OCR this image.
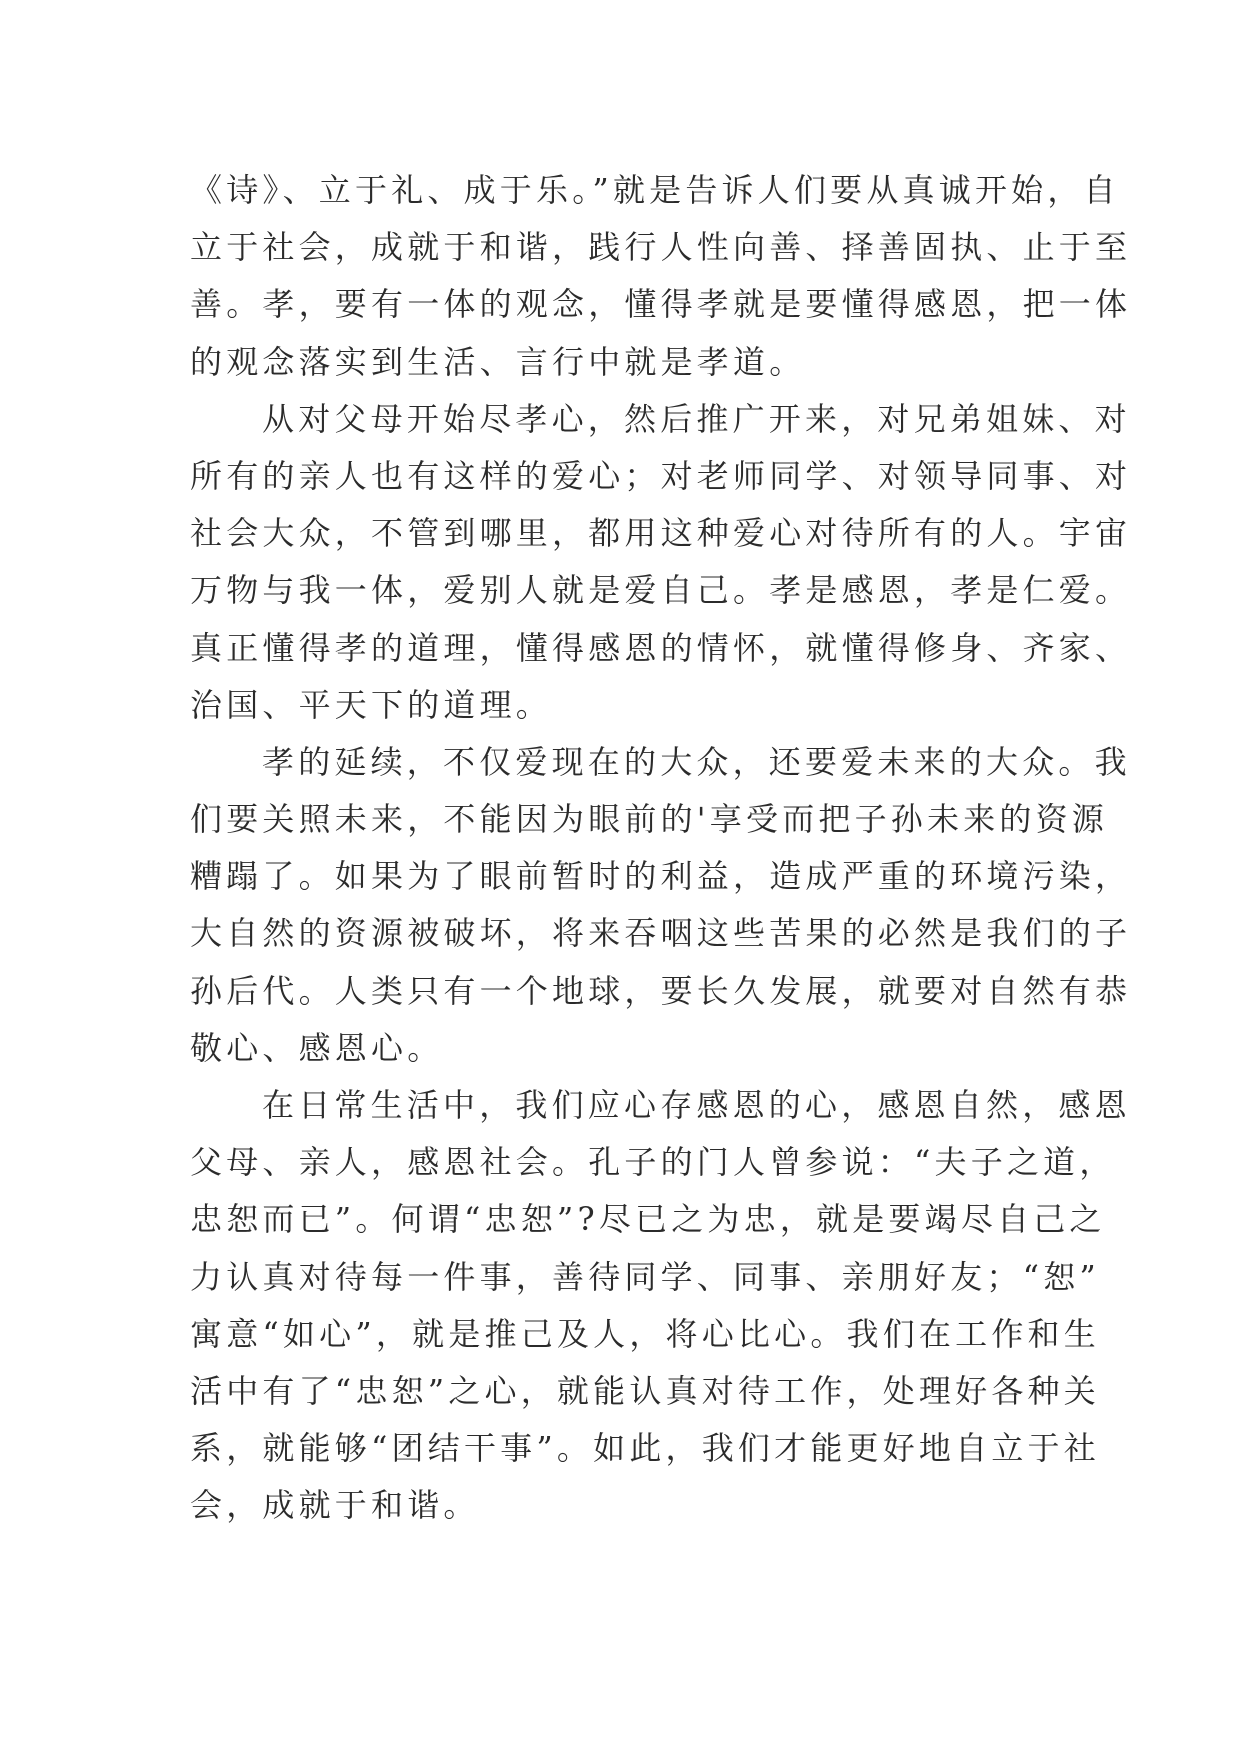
《诗》、立于礼、成于乐。”就是告诉人们要从真诚开始，自
立于社会，成就于和谐，践行人性向善、择善固执、止于至
善。孝，要有一体的观念，懂得孝就是要懂得感恩，把一体
的观念落实到生活、言行中就是孝道。
从对父母开始尽孝心，然后推广开来，对兄弟姐妹、对
所有的亲人也有这样的爱心；对老师同学、对领导同事、对
社会大众，不管到哪里，都用这种爱心对待所有的人。宇宙
万物与我一体，爱别人就是爱自己。孝是感恩，孝是仁爱。
真正懂得孝的道理，懂得感恩的情怀，就懂得修身、齐家、
治国、平天下的道理。
孝的延续，不仅爱现在的大众，还要爱未来的大众。我
们要关照未来，不能因为眼前的'享受而把子孙未来的资源
糟蹋了。如果为了眼前暂时的利益，造成严重的环境污染，
大自然的资源被破坏，将来吞咽这些苦果的必然是我们的子
孙后代。人类只有一个地球，要长久发展，就要对自然有恭
敬心、感恩心。
在日常生活中，我们应心存感恩的心，感恩自然，感恩
父母、亲人，感恩社会。孔子的门人曾参说：“夫子之道，
忠恕而已”。何谓“忠恕”?尽已之为忠，就是要竭尽自己之
力认真对待每一件事，善待同学、同事、亲朋好友；“恕”
寓意“如心”，就是推己及人，将心比心。我们在工作和生
活中有了“忠恕”之心，就能认真对待工作，处理好各种关
系，就能够“团结干事”。如此，我们才能更好地自立于社
会，成就于和谐。
